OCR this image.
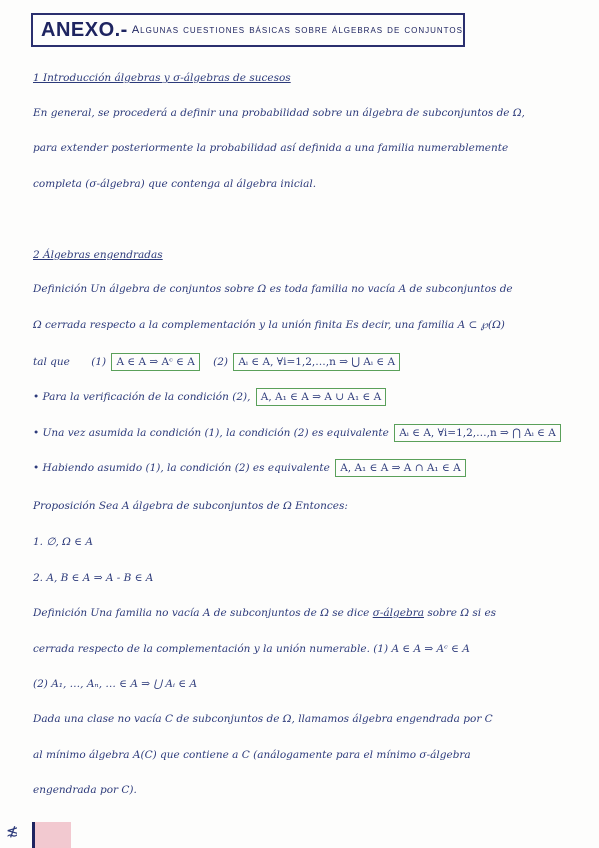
ANEXO.- Algunas cuestiones básicas sobre álgebras de conjuntos
1 Introducción álgebras y σ-álgebras de sucesos
En general, se procederá a definir una probabilidad sobre un álgebra de subconjuntos de Ω,
para extender posteriormente la probabilidad así definida a una familia numerablemente
completa (σ-álgebra) que contenga al álgebra inicial.
2 Álgebras engendradas
Definición Un álgebra de conjuntos sobre Ω es toda familia no vacía A de subconjuntos de
Ω cerrada respecto a la complementación y la unión finita Es decir, una familia A ⊂ ℘(Ω)
tal que (1) A ∈ A ⇒ Aᶜ ∈ A (2) Aᵢ ∈ A, ∀i=1,2,…,n ⇒ ⋃ Aᵢ ∈ A
• Para la verificación de la condición (2), A, A₁ ∈ A ⇒ A ∪ A₁ ∈ A
• Una vez asumida la condición (1), la condición (2) es equivalente Aᵢ ∈ A, ∀i=1,2,…,n ⇒ ⋂ Aᵢ ∈ A
• Habiendo asumido (1), la condición (2) es equivalente A, A₁ ∈ A ⇒ A ∩ A₁ ∈ A
Proposición Sea A álgebra de subconjuntos de Ω Entonces:
1. ∅, Ω ∈ A
2. A, B ∈ A ⇒ A - B ∈ A
Definición Una familia no vacía A de subconjuntos de Ω se dice σ-álgebra sobre Ω si es
cerrada respecto de la complementación y la unión numerable. (1) A ∈ A ⇒ Aᶜ ∈ A
(2) A₁, …, Aₙ, … ∈ A ⇒ ⋃ Aᵢ ∈ A
Dada una clase no vacía C de subconjuntos de Ω, llamamos álgebra engendrada por C
al mínimo álgebra A(C) que contiene a C (análogamente para el mínimo σ-álgebra
engendrada por C).
≴
